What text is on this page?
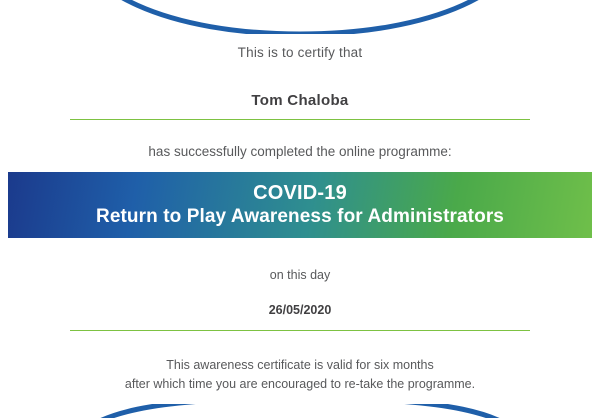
This is to certify that
Tom Chaloba
has successfully completed the online programme:
COVID-19
Return to Play Awareness for Administrators
on this day
26/05/2020
This awareness certificate is valid for six months
after which time you are encouraged to re-take the programme.
